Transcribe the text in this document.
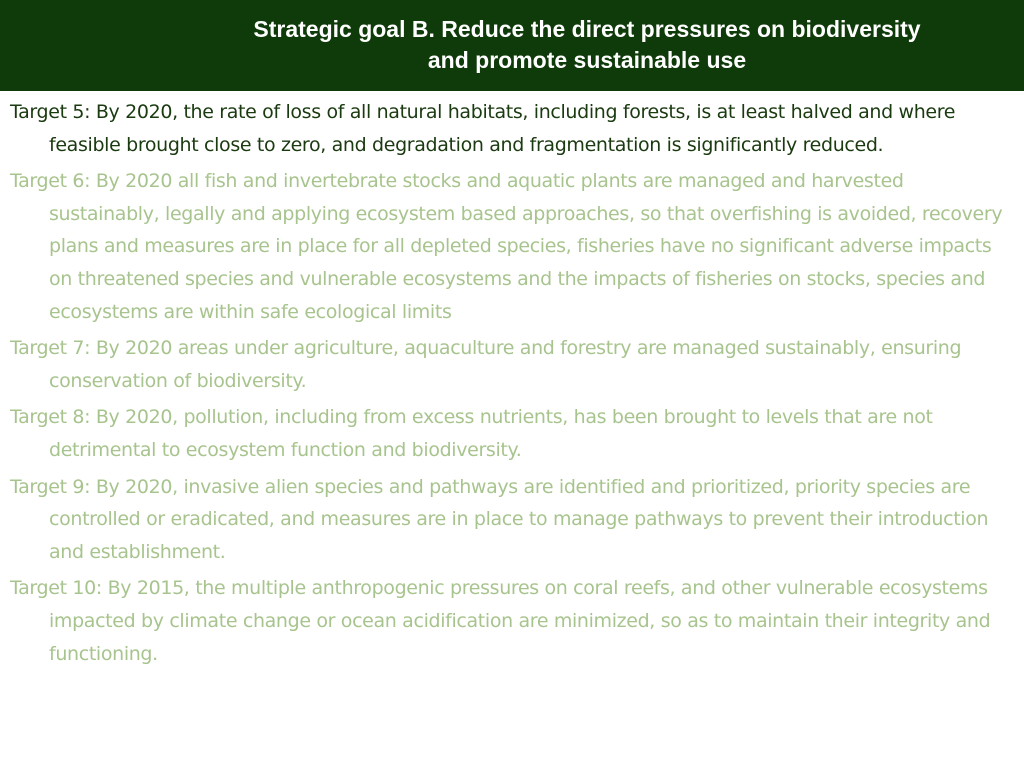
Strategic goal B. Reduce the direct pressures on biodiversity
and promote sustainable use
Target 5: By 2020, the rate of loss of all natural habitats, including forests, is at least halved and where feasible brought close to zero, and degradation and fragmentation is significantly reduced.
Target 6: By 2020 all fish and invertebrate stocks and aquatic plants are managed and harvested sustainably, legally and applying ecosystem based approaches, so that overfishing is avoided, recovery plans and measures are in place for all depleted species, fisheries have no significant adverse impacts on threatened species and vulnerable ecosystems and the impacts of fisheries on stocks, species and ecosystems are within safe ecological limits
Target 7: By 2020 areas under agriculture, aquaculture and forestry are managed sustainably, ensuring conservation of biodiversity.
Target 8: By 2020, pollution, including from excess nutrients, has been brought to levels that are not detrimental to ecosystem function and biodiversity.
Target 9: By 2020, invasive alien species and pathways are identified and prioritized, priority species are controlled or eradicated, and measures are in place to manage pathways to prevent their introduction and establishment.
Target 10: By 2015, the multiple anthropogenic pressures on coral reefs, and other vulnerable ecosystems impacted by climate change or ocean acidification are minimized, so as to maintain their integrity and functioning.
